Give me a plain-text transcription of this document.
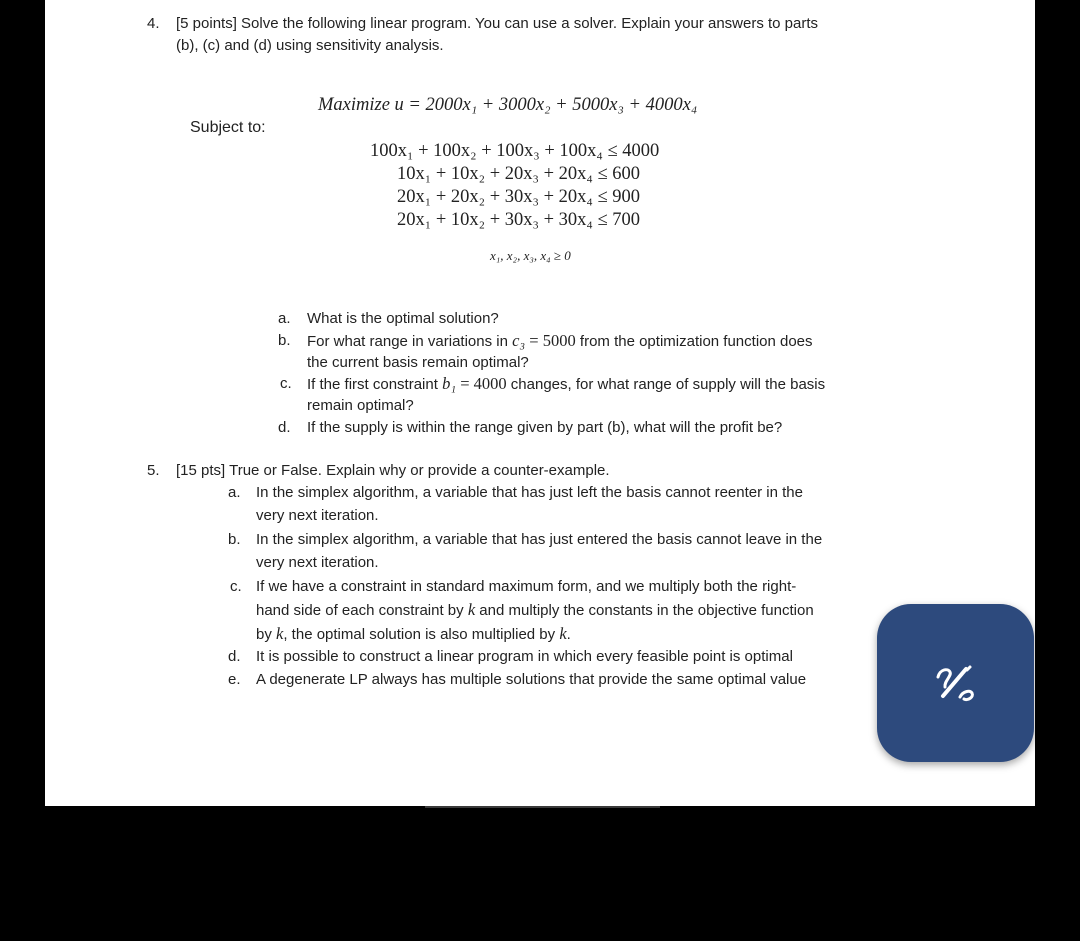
4. [5 points] Solve the following linear program. You can use a solver. Explain your answers to parts
(b), (c) and (d) using sensitivity analysis.
Maximize u = 2000x₁ + 3000x₂ + 5000x₃ + 4000x₄
Subject to:
100x₁ + 100x₂ + 100x₃ + 100x₄ ≤ 4000
10x₁ + 10x₂ + 20x₃ + 20x₄ ≤ 600
20x₁ + 20x₂ + 30x₃ + 20x₄ ≤ 900
20x₁ + 10x₂ + 30x₃ + 30x₄ ≤ 700
x₁, x₂, x₃, x₄ ≥ 0
a. What is the optimal solution?
b. For what range in variations in c₃ = 5000 from the optimization function does
the current basis remain optimal?
c. If the first constraint b₁ = 4000 changes, for what range of supply will the basis
remain optimal?
d. If the supply is within the range given by part (b), what will the profit be?
5. [15 pts] True or False. Explain why or provide a counter-example.
a. In the simplex algorithm, a variable that has just left the basis cannot reenter in the
very next iteration.
b. In the simplex algorithm, a variable that has just entered the basis cannot leave in the
very next iteration.
c. If we have a constraint in standard maximum form, and we multiply both the right-
hand side of each constraint by k and multiply the constants in the objective function
by k, the optimal solution is also multiplied by k.
d. It is possible to construct a linear program in which every feasible point is optimal
e. A degenerate LP always has multiple solutions that provide the same optimal value
